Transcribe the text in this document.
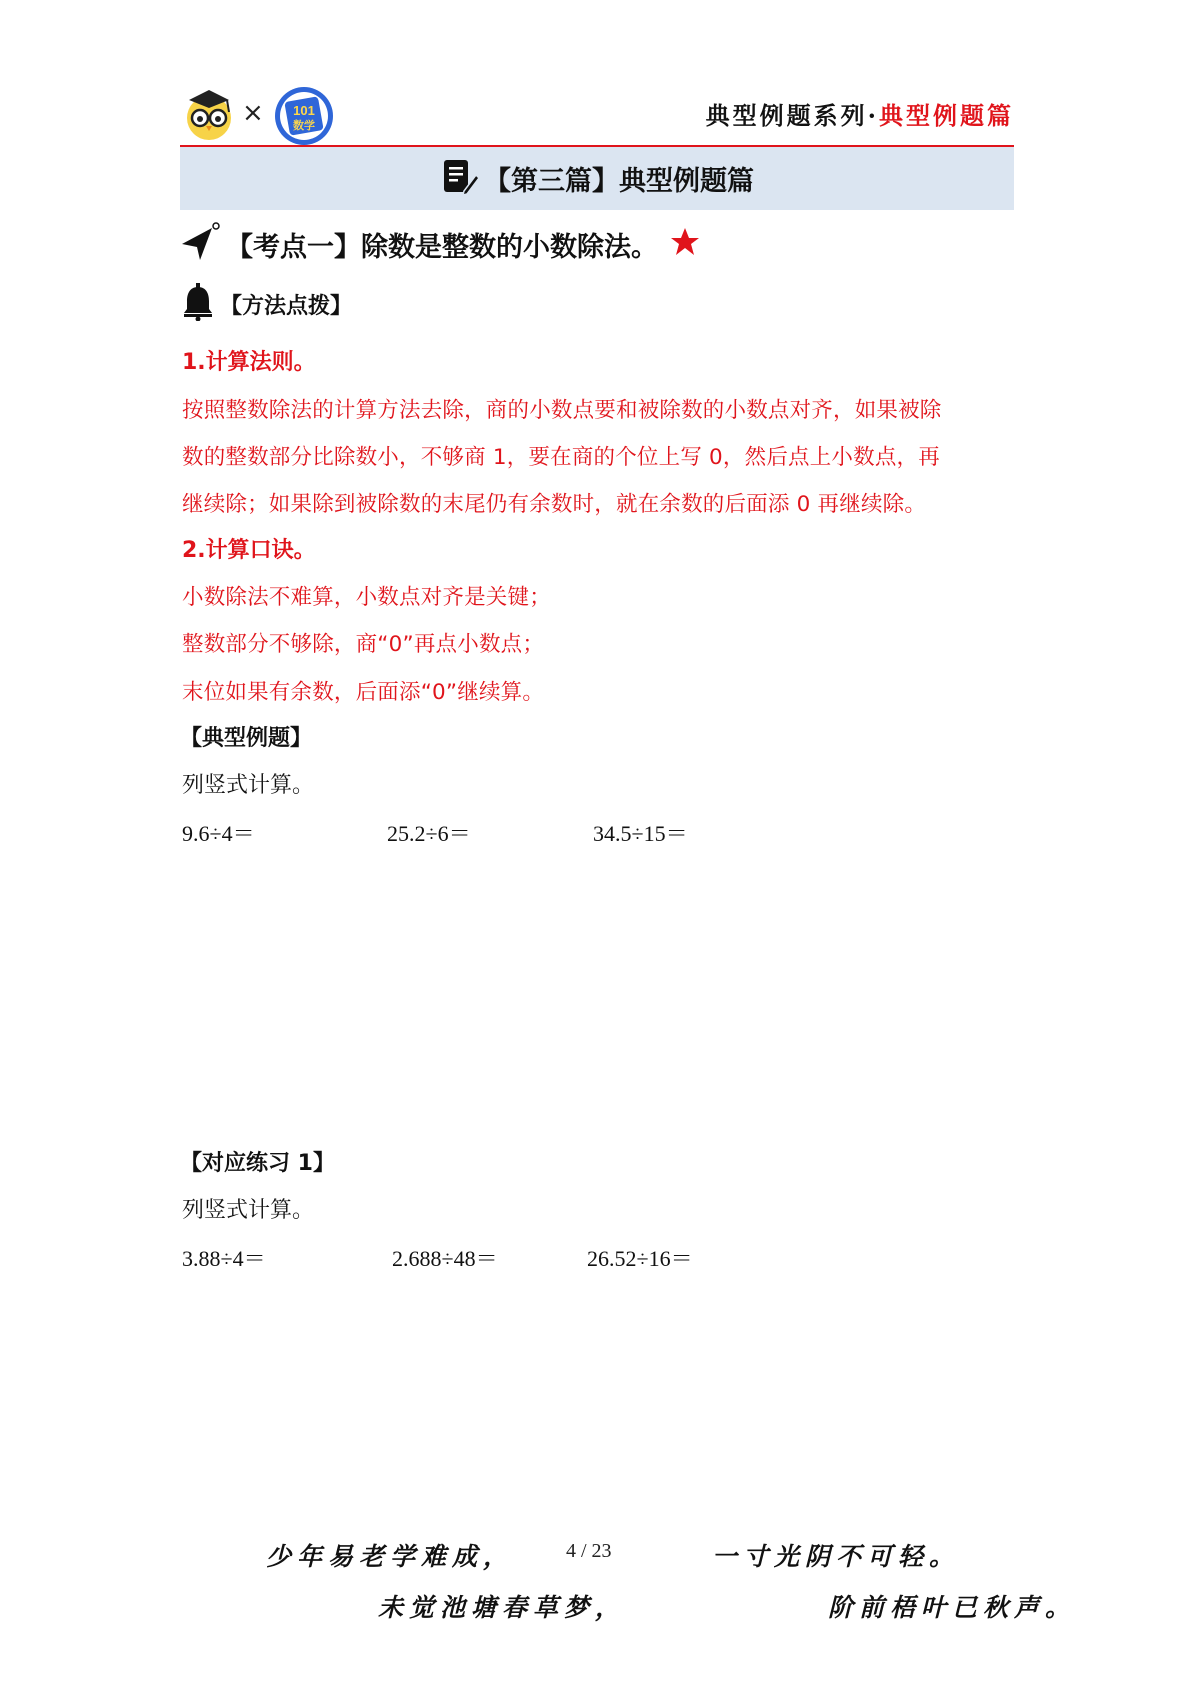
× 101
数学	典型例题系列·典型例题篇
【第三篇】典型例题篇
【考点一】除数是整数的小数除法。
【方法点拨】
1.计算法则。
按照整数除法的计算方法去除，商的小数点要和被除数的小数点对齐，如果被除
数的整数部分比除数小，不够商 1，要在商的个位上写 0，然后点上小数点，再
继续除；如果除到被除数的末尾仍有余数时，就在余数的后面添 0 再继续除。
2.计算口诀。
小数除法不难算，小数点对齐是关键；
整数部分不够除，商“0”再点小数点；
末位如果有余数，后面添“0”继续算。
【典型例题】
列竖式计算。
9.6÷4＝	25.2÷6＝	34.5÷15＝
【对应练习 1】
列竖式计算。
3.88÷4＝	2.688÷48＝	26.52÷16＝
少年易老学难成，	4 / 23	一寸光阴不可轻。
未觉池塘春草梦，	阶前梧叶已秋声。
